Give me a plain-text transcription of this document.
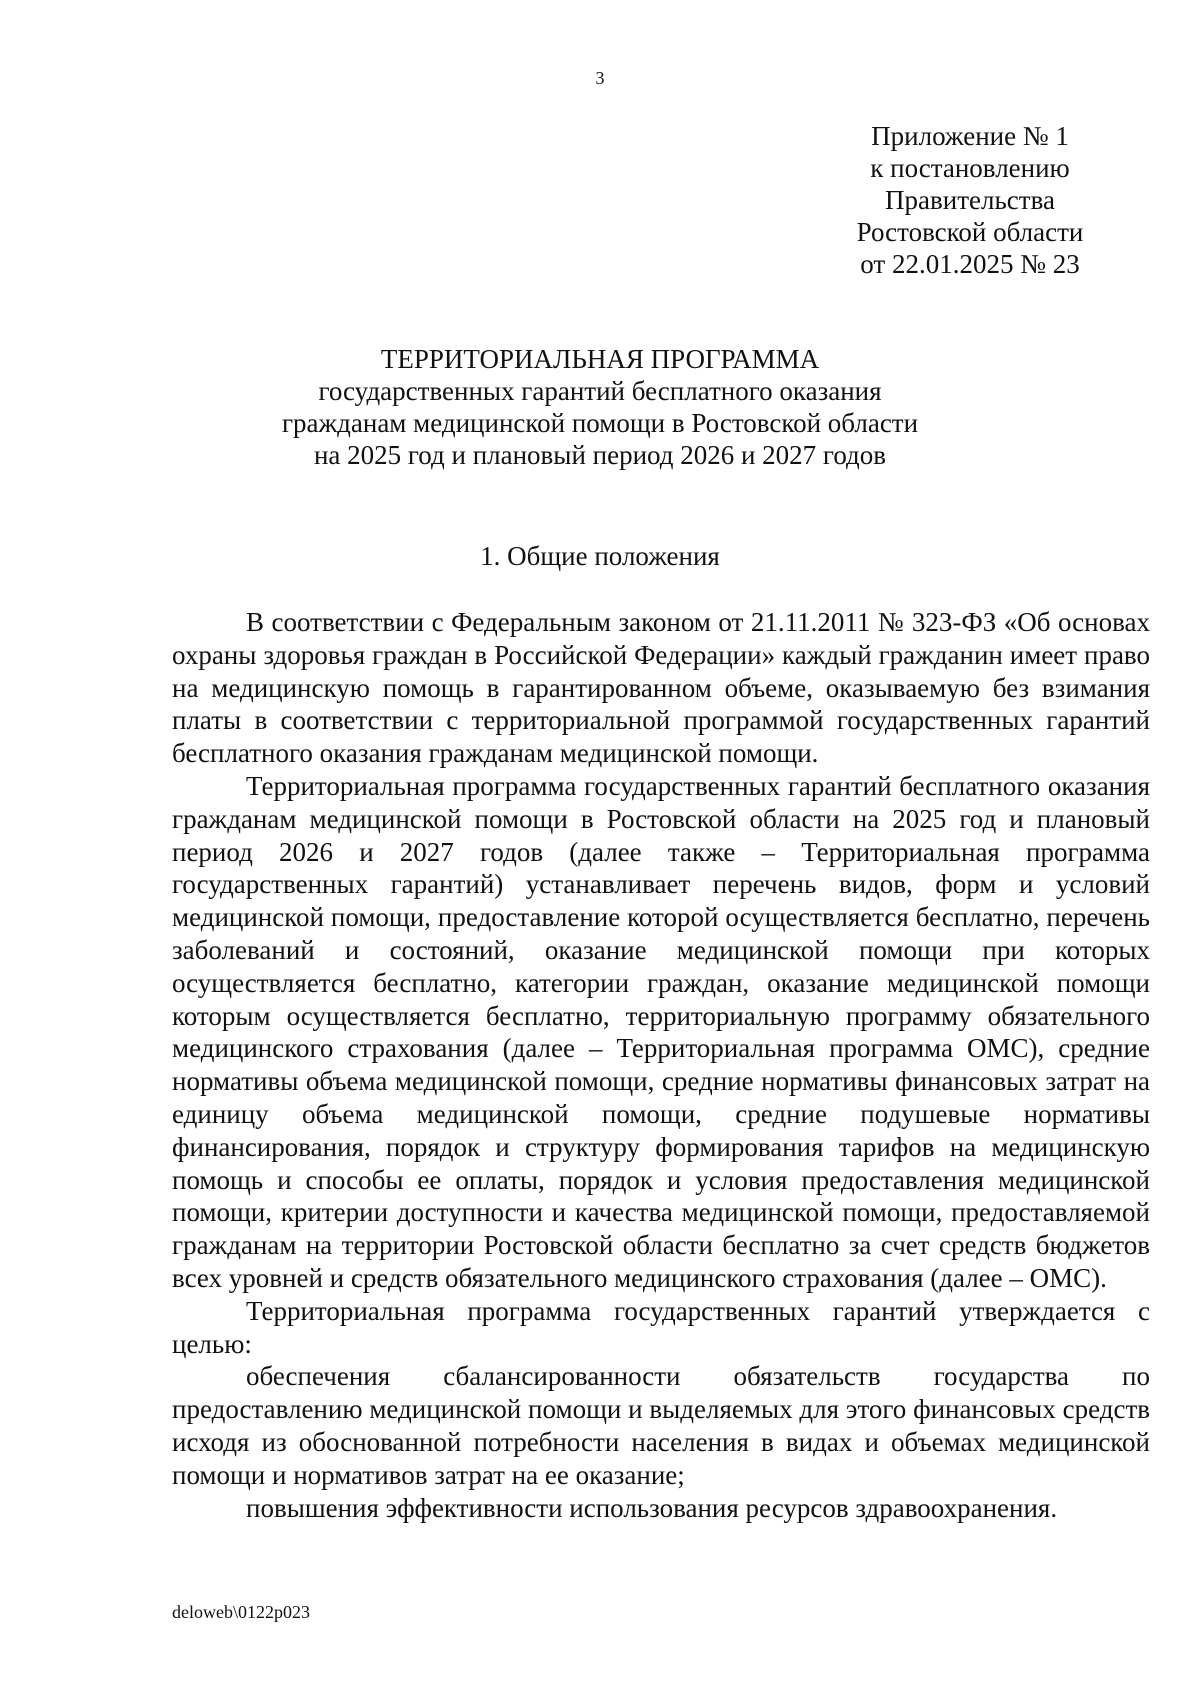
3
Приложение № 1
к постановлению
Правительства
Ростовской области
от 22.01.2025 № 23
ТЕРРИТОРИАЛЬНАЯ ПРОГРАММА
государственных гарантий бесплатного оказания
гражданам медицинской помощи в Ростовской области
на 2025 год и плановый период 2026 и 2027 годов
1. Общие положения

В соответствии с Федеральным законом от 21.11.2011 № 323-ФЗ «Об основах охраны здоровья граждан в Российской Федерации» каждый гражданин имеет право на медицинскую помощь в гарантированном объеме, оказываемую без взимания платы в соответствии с территориальной программой государственных гарантий бесплатного оказания гражданам медицинской помощи.

Территориальная программа государственных гарантий бесплатного оказания гражданам медицинской помощи в Ростовской области на 2025 год и плановый период 2026 и 2027 годов (далее также – Территориальная программа государственных гарантий) устанавливает перечень видов, форм и условий медицинской помощи, предоставление которой осуществляется бесплатно, перечень заболеваний и состояний, оказание медицинской помощи при которых осуществляется бесплатно, категории граждан, оказание медицинской помощи которым осуществляется бесплатно, территориальную программу обязательного медицинского страхования (далее – Территориальная программа ОМС), средние нормативы объема медицинской помощи, средние нормативы финансовых затрат на единицу объема медицинской помощи, средние подушевые нормативы финансирования, порядок и структуру формирования тарифов на медицинскую помощь и способы ее оплаты, порядок и условия предоставления медицинской помощи, критерии доступности и качества медицинской помощи, предоставляемой гражданам на территории Ростовской области бесплатно за счет средств бюджетов всех уровней и средств обязательного медицинского страхования (далее – ОМС).

Территориальная программа государственных гарантий утверждается с целью:

обеспечения сбалансированности обязательств государства по предоставлению медицинской помощи и выделяемых для этого финансовых средств исходя из обоснованной потребности населения в видах и объемах медицинской помощи и нормативов затрат на ее оказание;

повышения эффективности использования ресурсов здравоохранения.

deloweb\0122p023
